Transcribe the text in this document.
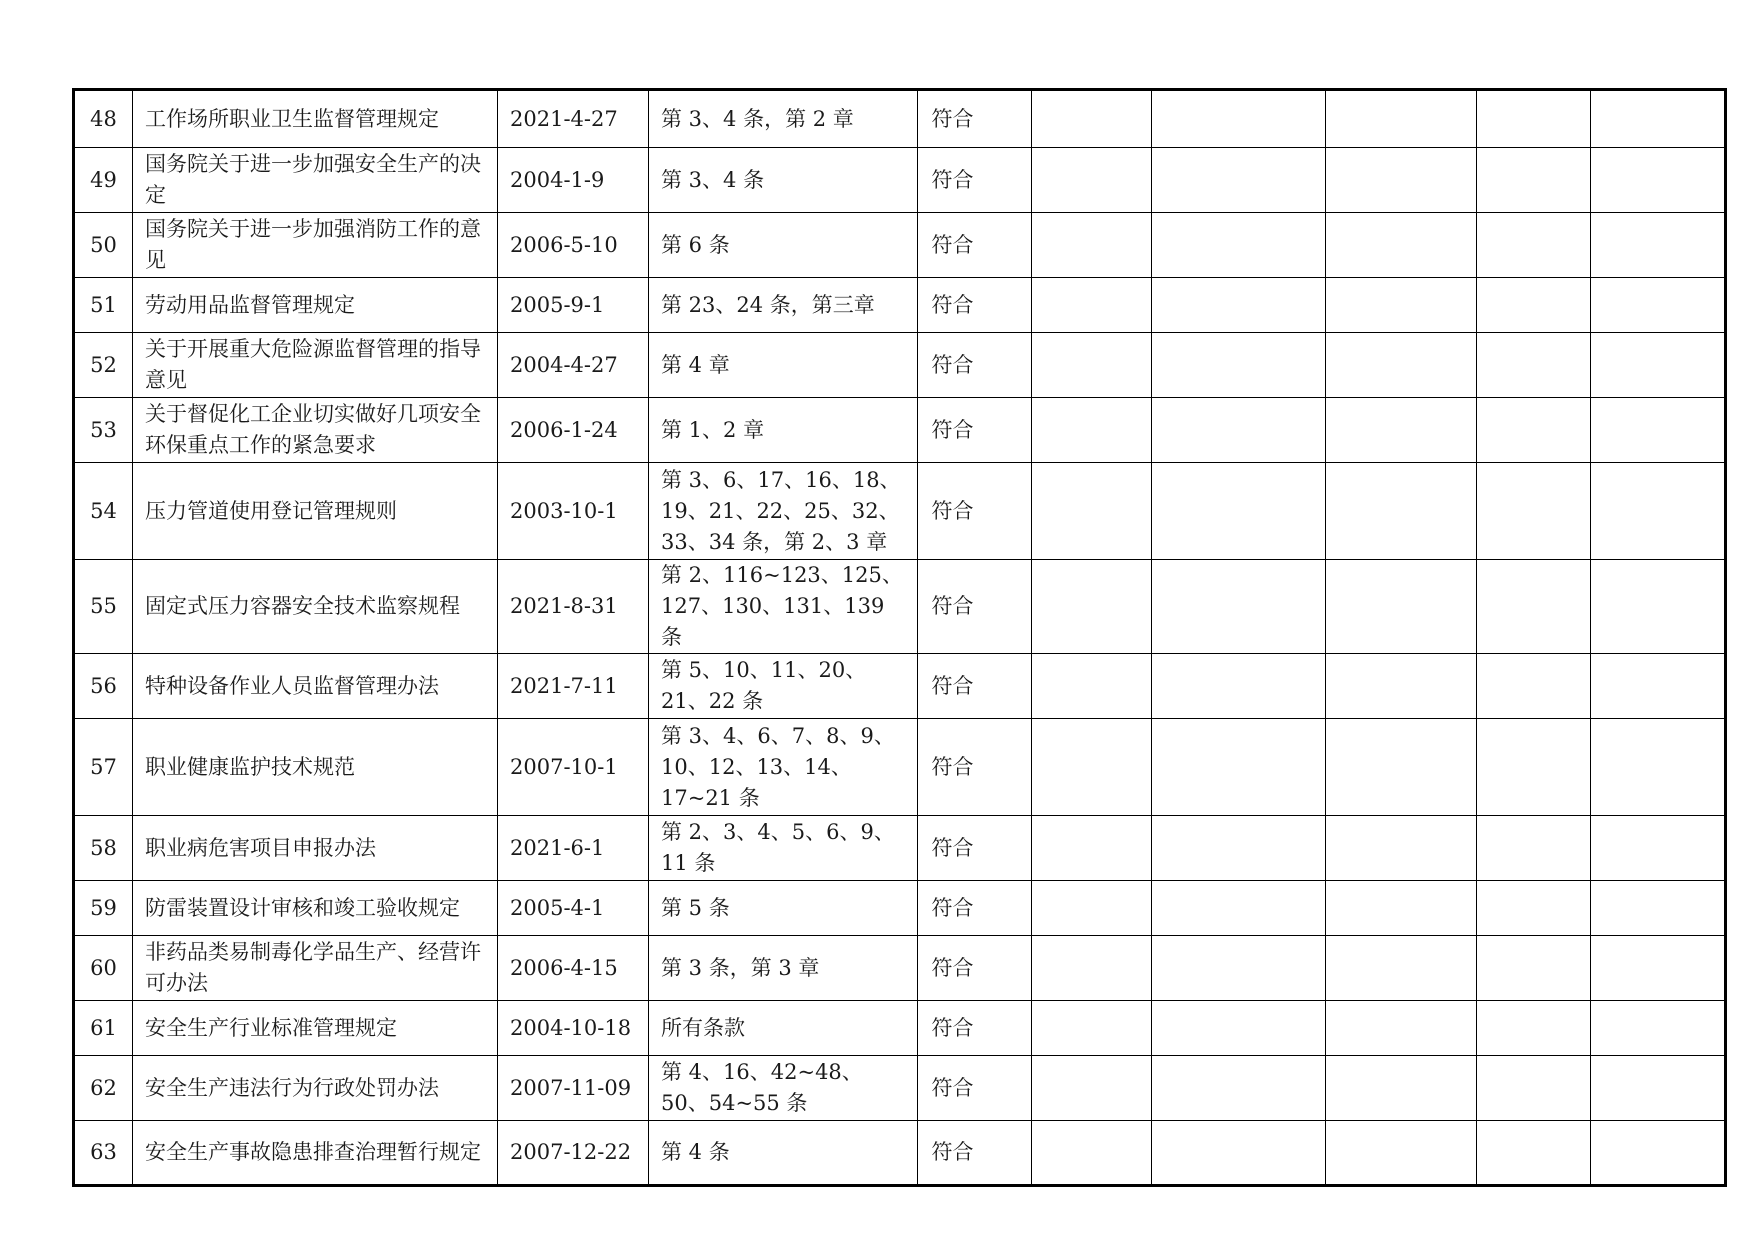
48	工作场所职业卫生监督管理规定	2021-4-27	第 3、4 条，第 2 章	符合					
49	国务院关于进一步加强安全生产的决定	2004-1-9	第 3、4 条	符合					
50	国务院关于进一步加强消防工作的意见	2006-5-10	第 6 条	符合					
51	劳动用品监督管理规定	2005-9-1	第 23、24 条，第三章	符合					
52	关于开展重大危险源监督管理的指导意见	2004-4-27	第 4 章	符合					
53	关于督促化工企业切实做好几项安全环保重点工作的紧急要求	2006-1-24	第 1、2 章	符合					
54	压力管道使用登记管理规则	2003-10-1	第 3、6、17、16、18、19、21、22、25、32、33、34 条，第 2、3 章	符合					
55	固定式压力容器安全技术监察规程	2021-8-31	第 2、116~123、125、127、130、131、139 条	符合					
56	特种设备作业人员监督管理办法	2021-7-11	第 5、10、11、20、21、22 条	符合					
57	职业健康监护技术规范	2007-10-1	第 3、4、6、7、8、9、10、12、13、14、17~21 条	符合					
58	职业病危害项目申报办法	2021-6-1	第 2、3、4、5、6、9、11 条	符合					
59	防雷装置设计审核和竣工验收规定	2005-4-1	第 5 条	符合					
60	非药品类易制毒化学品生产、经营许可办法	2006-4-15	第 3 条，第 3 章	符合					
61	安全生产行业标准管理规定	2004-10-18	所有条款	符合					
62	安全生产违法行为行政处罚办法	2007-11-09	第 4、16、42~48、50、54~55 条	符合					
63	安全生产事故隐患排查治理暂行规定	2007-12-22	第 4 条	符合					
